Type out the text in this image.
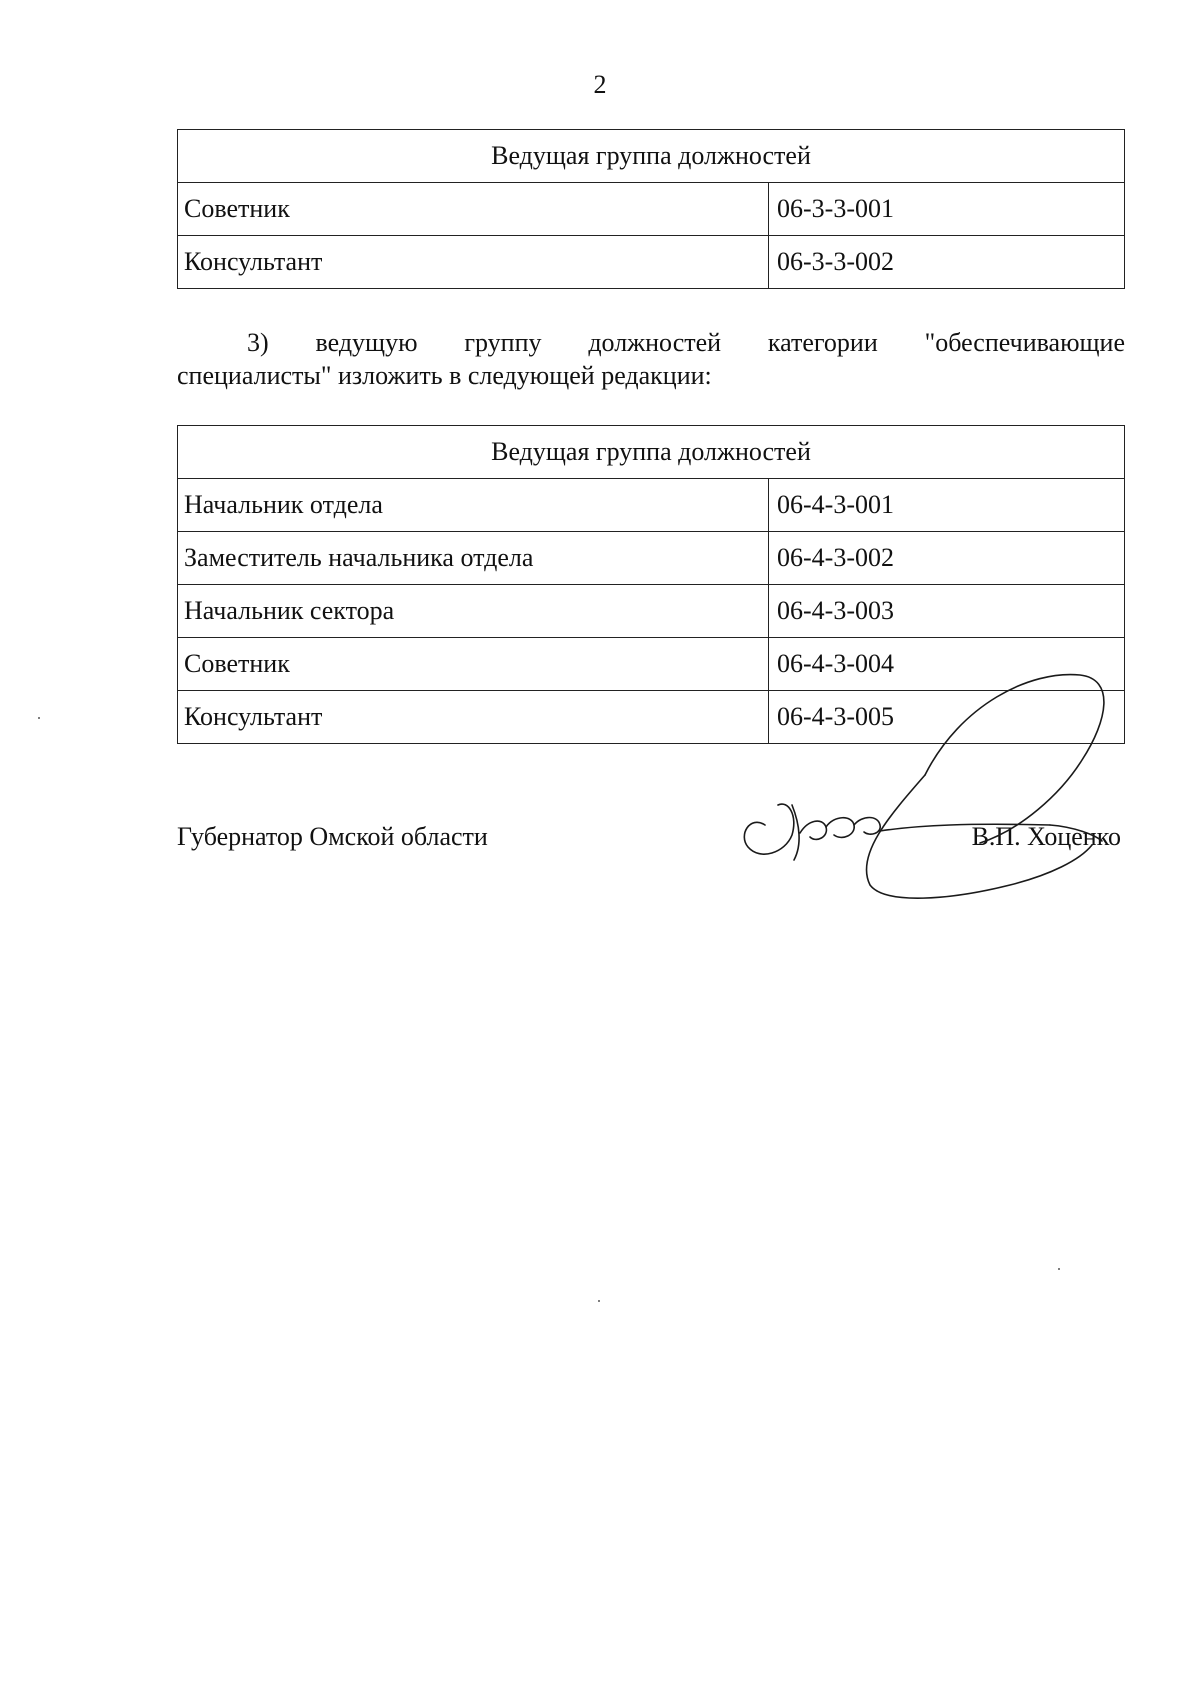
2
Ведущая группа должностей	
Советник	06-3-3-001
Консультант	06-3-3-002
3) ведущую группу должностей категории "обеспечивающие
специалисты" изложить в следующей редакции:
Ведущая группа должностей	
Начальник отдела	06-4-3-001
Заместитель начальника отдела	06-4-3-002
Начальник сектора	06-4-3-003
Советник	06-4-3-004
Консультант	06-4-3-005
Губернатор Омской области	В.П. Хоценко
